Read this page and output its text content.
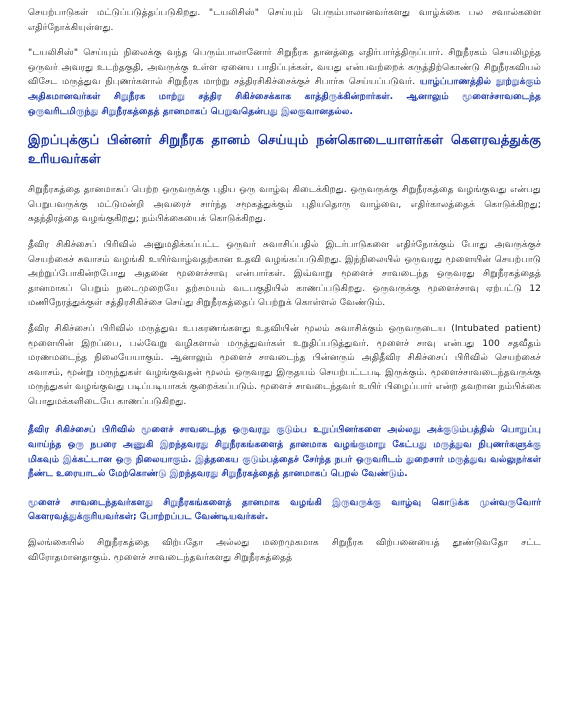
செயற்பாடுகள் மட்டுப்படுத்தப்படுகிறது. "டயலிசிஸ்" செய்யும் பெரும்பாலானவர்களது வாழ்க்கை பல சவால்களை எதிர்நோக்கியுள்ளது.

"டயலிசிஸ்" செய்யும் நிலைக்கு வந்த பெரும்பாலானோர் சிறுநீரக தானத்தை எதிர்பார்த்திருப்பார். சிறுநீரகம் செயலிழந்த ஒருவர் அவரது உடற்தகுதி, அவருக்கு உள்ள ஏனைய பாதிப்புக்கள், வயது என்பவற்றைக் கருத்திற்கொண்டு சிறுநீரகவியல் விசேட மருத்துவ நிபுணர்களால் சிறுநீரக மாற்று சத்திரசிகிச்சைக்குச் சிபார்சு செய்யப்படுவர். யாழ்ப்பாணத்தில் நூற்றுக்கும் அதிகமானவர்கள் சிறுநீரக மாற்று சத்திர சிகிச்சைக்காக காத்திருக்கின்றார்கள். ஆனாலும் மூளைச்சாவடைந்த ஒருவரிடமிருந்து சிறுநீரகத்தைத் தானமாகப் பெறுவதென்பது இலகுவானதல்ல.

இறப்புக்குப் பின்னர் சிறுநீரக தானம் செய்யும் நன்கொடையாளர்கள் கௌரவத்துக்கு உரியவர்கள்

சிறுநீரகத்தை தானமாகப் பெற்ற ஒருவருக்கு புதிய ஒரு வாழ்வு கிடைக்கிறது. ஒருவருக்கு சிறுநீரகத்தை வழங்குவது என்பது பெறுபவருக்கு மட்டுமன்றி அவரைச் சார்ந்த சமூகத்துக்கும் புதியதொரு வாழ்வை, எதிர்காலத்தைக் கொடுக்கிறது; சுதந்திரத்தை வழங்குகிறது; நம்பிக்கையைக் கொடுக்கிறது.

தீவிர சிகிச்சைப் பிரிவில் அனுமதிக்கப்பட்ட ஒருவர் சுவாசிப்பதில் இடர்பாடுகளை எதிர்நோக்கும் போது அவருக்குச் செயற்கைச் சுவாசம் வழங்கி உயிர்வாழ்வதற்கான உதவி வழங்கப்படுகிறது. இந்நிலையில் ஒருவரது மூளையின் செயற்பாடு அற்றுப்போகின்றபோது அதனை மூளைச்சாவு என்பார்கள். இவ்வாறு மூளைச் சாவடைந்த ஒருவரது சிறுநீரகத்தைத் தானமாகப் பெறும் நடைமுறையே தற்சமயம் வடபகுதியில் காணப்படுகிறது. ஒருவருக்கு மூளைச்சாவு ஏற்பட்டு 12 மணிநேரத்துக்குள் சத்திரசிகிச்சை செய்து சிறுநீரகத்தைப் பெற்றுக் கொள்ளல் வேண்டும்.

தீவிர சிகிச்சைப் பிரிவில் மருத்துவ உபகரணங்களது உதவியின் மூலம் சுவாசிக்கும் ஒருவருடைய (Intubated patient) மூளையின் இறப்பை, பல்வேறு வழிகளால் மருத்துவர்கள் உறுதிப்படுத்துவர். மூளைச் சாவு என்பது 100 சதவீதம் மரணமடைந்த நிலையேயாகும். ஆனாலும் மூளைச் சாவடைந்த பின்னரும் அதிதீவிர சிகிச்சைப் பிரிவில் செயற்கைச் சுவாசம், மூன்று மருந்துகள் வழங்குவதன் மூலம் ஒருவரது இருதயம் செயற்பட்டபடி இருக்கும். மூளைச்சாவடைந்தவருக்கு மருந்துகள் வழங்குவது படிப்படியாகக் குறைக்கப்படும். மூளைச் சாவடைந்தவர் உயிர் பிழைப்பார் என்ற தவறான நம்பிக்கை பொதுமக்களிடையே காணப்படுகிறது.

தீவிர சிகிச்சைப் பிரிவில் மூளைச் சாவடைந்த ஒருவரது குடும்ப உறுப்பினர்களை அல்லது அக்குடும்பத்தில் பொறுப்பு வாய்ந்த ஒரு நபரை அணுகி இறந்தவரது சிறுநீரகங்களைத் தானமாக வழங்குமாறு கேட்பது மருத்துவ நிபுணர்களுக்கு மிகவும் இக்கட்டான ஒரு நிலையாகும். இத்தகைய குடும்பத்தைச் சேர்ந்த நபர் ஒருவரிடம் துறைசார் மருத்துவ வல்லுநர்கள் நீண்ட உரையாடல் மேற்கொண்டு இறந்தவரது சிறுநீரகத்தைத் தானமாகப் பெறல் வேண்டும்.

மூளைச் சாவடைந்தவர்களது சிறுநீரகங்களைத் தானமாக வழங்கி இருவருக்கு வாழ்வு கொடுக்க முன்வருவோர் கௌரவத்துக்குரியவர்கள்; போற்றப்பட வேண்டியவர்கள்.

இலங்கையில் சிறுநீரகத்தை விற்பதோ அல்லது மறைமுகமாக சிறுநீரக விற்பனையைத் தூண்டுவதோ சட்ட விரோதமானதாகும். மூளைச் சாவடைந்தவர்களது சிறுநீரகத்தைத்
